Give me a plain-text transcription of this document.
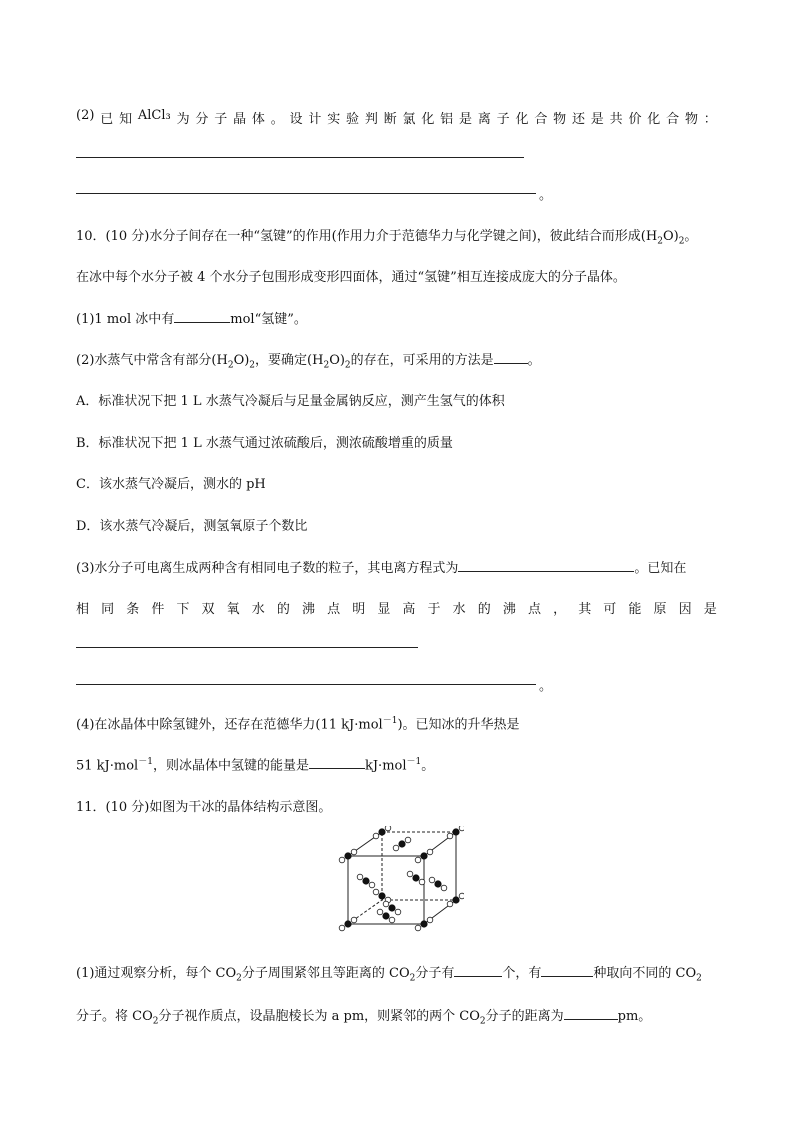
(2) 已 知 AlCl₃ 为 分 子 晶 体 。 设 计 实 验 判 断 氯 化 铝 是 离 子 化 合 物 还 是 共 价 化 合 物 ：
。
10．(10 分)水分子间存在一种“氢键”的作用(作用力介于范德华力与化学键之间)，彼此结合而形成$(H_2O)_2$。
在冰中每个水分子被 4 个水分子包围形成变形四面体，通过“氢键”相互连接成庞大的分子晶体。
(1)1 mol 冰中有	mol“氢键”。
(2)水蒸气中常含有部分$(H_2O)_2$，要确定$(H_2O)_2$的存在，可采用的方法是	。
A．标准状况下把 1 L 水蒸气冷凝后与足量金属钠反应，测产生氢气的体积
B．标准状况下把 1 L 水蒸气通过浓硫酸后，测浓硫酸增重的质量
C．该水蒸气冷凝后，测水的 pH
D．该水蒸气冷凝后，测氢氧原子个数比
(3)水分子可电离生成两种含有相同电子数的粒子，其电离方程式为	。已知在
相 同 条 件 下 双 氧 水 的 沸 点 明 显 高 于 水 的 沸 点 ， 其 可 能 原 因 是
。
(4)在冰晶体中除氢键外，还存在范德华力(11 kJ·mol$^{-1}$)。已知冰的升华热是
51 kJ·mol$^{-1}$，则冰晶体中氢键的能量是	kJ·mol$^{-1}$。
11．(10 分)如图为干冰的晶体结构示意图。
(1)通过观察分析，每个 $CO_2$分子周围紧邻且等距离的 $CO_2$分子有	个，有	种取向不同的 $CO_2$
分子。将 $CO_2$分子视作质点，设晶胞棱长为 a pm，则紧邻的两个 $CO_2$分子的距离为	pm。
